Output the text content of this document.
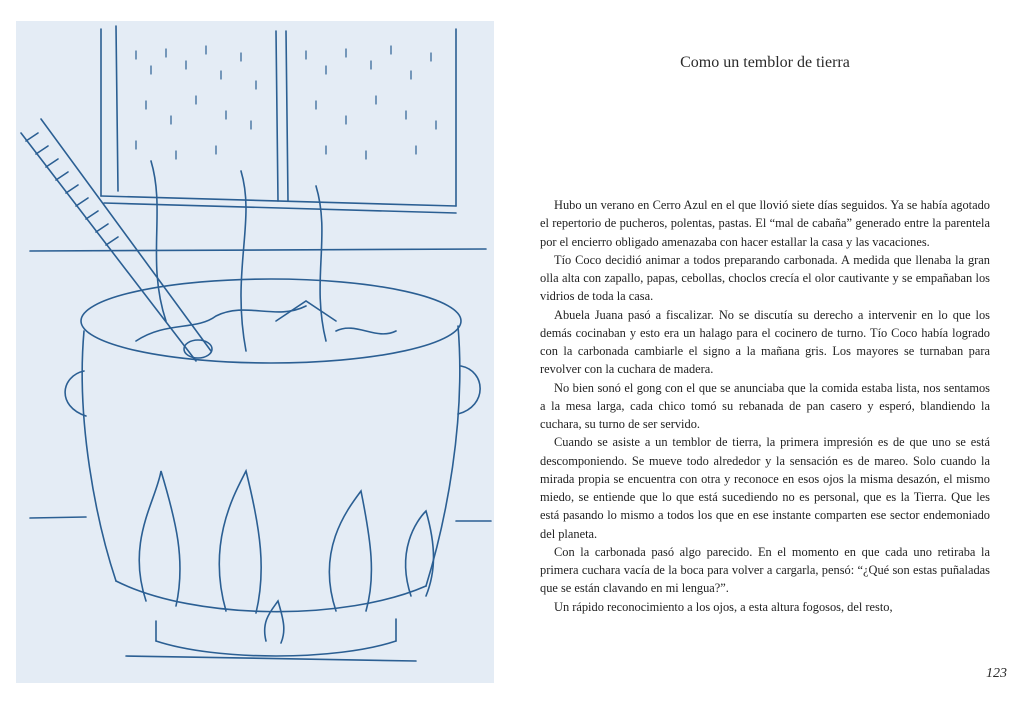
Como un temblor de tierra

Hubo un verano en Cerro Azul en el que llovió siete días seguidos. Ya se había agotado el repertorio de pucheros, polentas, pastas. El “mal de cabaña” generado entre la parentela por el encierro obligado amenazaba con hacer estallar la casa y las vacaciones.

Tío Coco decidió animar a todos preparando carbonada. A medida que llenaba la gran olla alta con zapallo, papas, cebollas, choclos crecía el olor cautivante y se empañaban los vidrios de toda la casa.

Abuela Juana pasó a fiscalizar. No se discutía su derecho a intervenir en lo que los demás cocinaban y esto era un halago para el cocinero de turno. Tío Coco había logrado con la carbonada cambiarle el signo a la mañana gris. Los mayores se turnaban para revolver con la cuchara de madera.

No bien sonó el gong con el que se anunciaba que la comida estaba lista, nos sentamos a la mesa larga, cada chico tomó su rebanada de pan casero y esperó, blandiendo la cuchara, su turno de ser servido.

Cuando se asiste a un temblor de tierra, la primera impresión es de que uno se está descomponiendo. Se mueve todo alrededor y la sensación es de mareo. Solo cuando la mirada propia se encuentra con otra y reconoce en esos ojos la misma desazón, el mismo miedo, se entiende que lo que está sucediendo no es personal, que es la Tierra. Que les está pasando lo mismo a todos los que en ese instante comparten ese sector endemoniado del planeta.

Con la carbonada pasó algo parecido. En el momento en que cada uno retiraba la primera cuchara vacía de la boca para volver a cargarla, pensó: “¿Qué son estas puñaladas que se están clavando en mi lengua?”.

Un rápido reconocimiento a los ojos, a esta altura fogosos, del resto,

123
